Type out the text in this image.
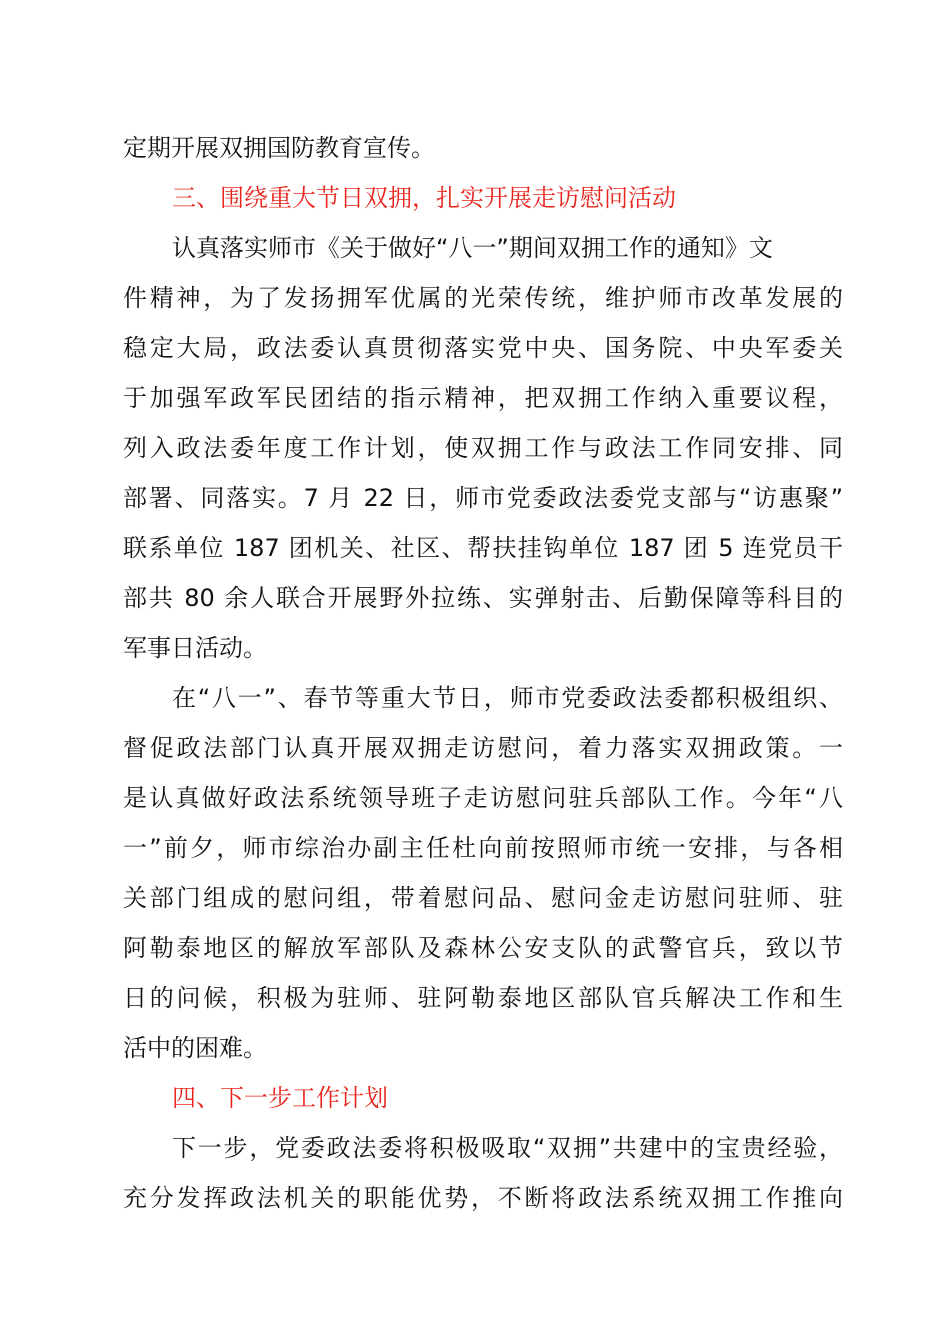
定期开展双拥国防教育宣传。
三、围绕重大节日双拥，扎实开展走访慰问活动
认真落实师市《关于做好“八一”期间双拥工作的通知》文
件精神，为了发扬拥军优属的光荣传统，维护师市改革发展的
稳定大局，政法委认真贯彻落实党中央、国务院、中央军委关
于加强军政军民团结的指示精神，把双拥工作纳入重要议程，
列入政法委年度工作计划，使双拥工作与政法工作同安排、同
部署、同落实。7 月 22 日，师市党委政法委党支部与“访惠聚”
联系单位 187 团机关、社区、帮扶挂钩单位 187 团 5 连党员干
部共 80 余人联合开展野外拉练、实弹射击、后勤保障等科目的
军事日活动。
在“八一”、春节等重大节日，师市党委政法委都积极组织、
督促政法部门认真开展双拥走访慰问，着力落实双拥政策。一
是认真做好政法系统领导班子走访慰问驻兵部队工作。今年“八
一”前夕，师市综治办副主任杜向前按照师市统一安排，与各相
关部门组成的慰问组，带着慰问品、慰问金走访慰问驻师、驻
阿勒泰地区的解放军部队及森林公安支队的武警官兵，致以节
日的问候，积极为驻师、驻阿勒泰地区部队官兵解决工作和生
活中的困难。
四、下一步工作计划
下一步，党委政法委将积极吸取“双拥”共建中的宝贵经验，
充分发挥政法机关的职能优势，不断将政法系统双拥工作推向
